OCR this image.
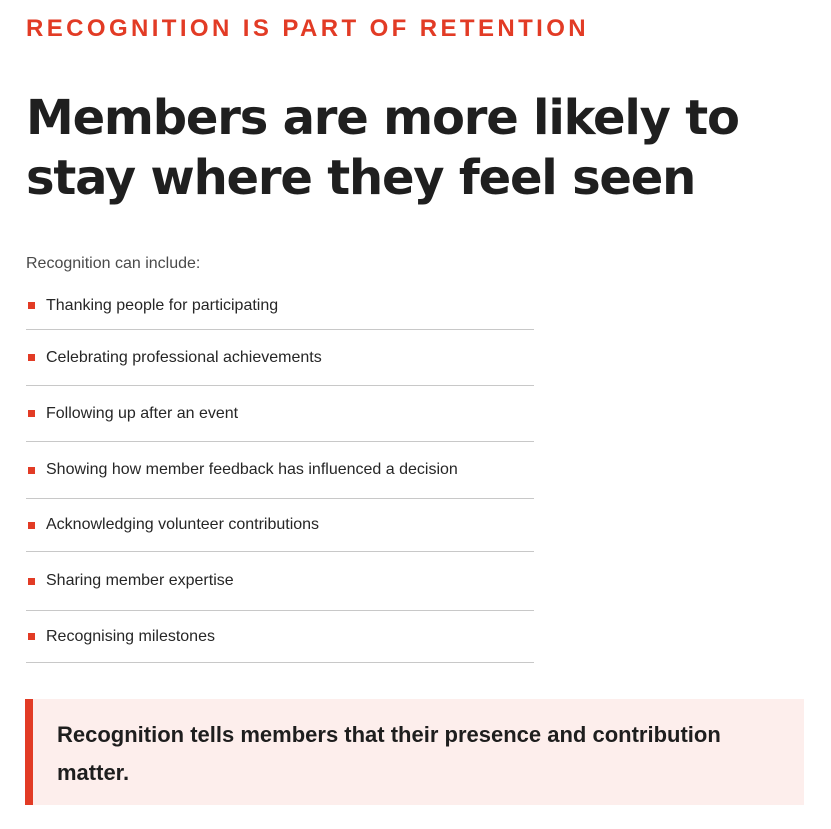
RECOGNITION IS PART OF RETENTION
Members are more likely to stay where they feel seen
Recognition can include:
Thanking people for participating
Celebrating professional achievements
Following up after an event
Showing how member feedback has influenced a decision
Acknowledging volunteer contributions
Sharing member expertise
Recognising milestones
Recognition tells members that their presence and contribution matter.
